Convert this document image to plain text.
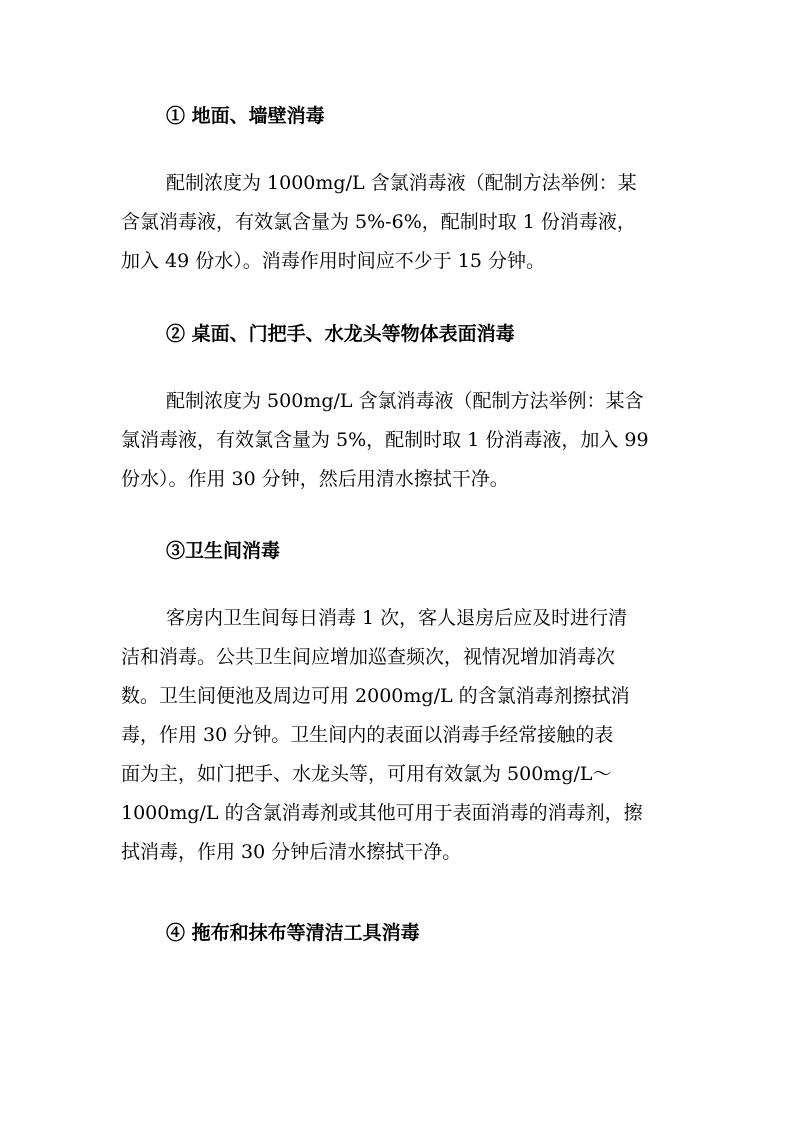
① 地面、墙壁消毒
配制浓度为 1000mg/L 含氯消毒液（配制方法举例：某
含氯消毒液，有效氯含量为 5%-6%，配制时取 1 份消毒液，
加入 49 份水）。消毒作用时间应不少于 15 分钟。
② 桌面、门把手、水龙头等物体表面消毒
配制浓度为 500mg/L 含氯消毒液（配制方法举例：某含
氯消毒液，有效氯含量为 5%，配制时取 1 份消毒液，加入 99
份水）。作用 30 分钟，然后用清水擦拭干净。
③卫生间消毒
客房内卫生间每日消毒 1 次，客人退房后应及时进行清
洁和消毒。公共卫生间应增加巡查频次，视情况增加消毒次
数。卫生间便池及周边可用 2000mg/L 的含氯消毒剂擦拭消
毒，作用 30 分钟。卫生间内的表面以消毒手经常接触的表
面为主，如门把手、水龙头等，可用有效氯为 500mg/L～
1000mg/L 的含氯消毒剂或其他可用于表面消毒的消毒剂，擦
拭消毒，作用 30 分钟后清水擦拭干净。
④ 拖布和抹布等清洁工具消毒
